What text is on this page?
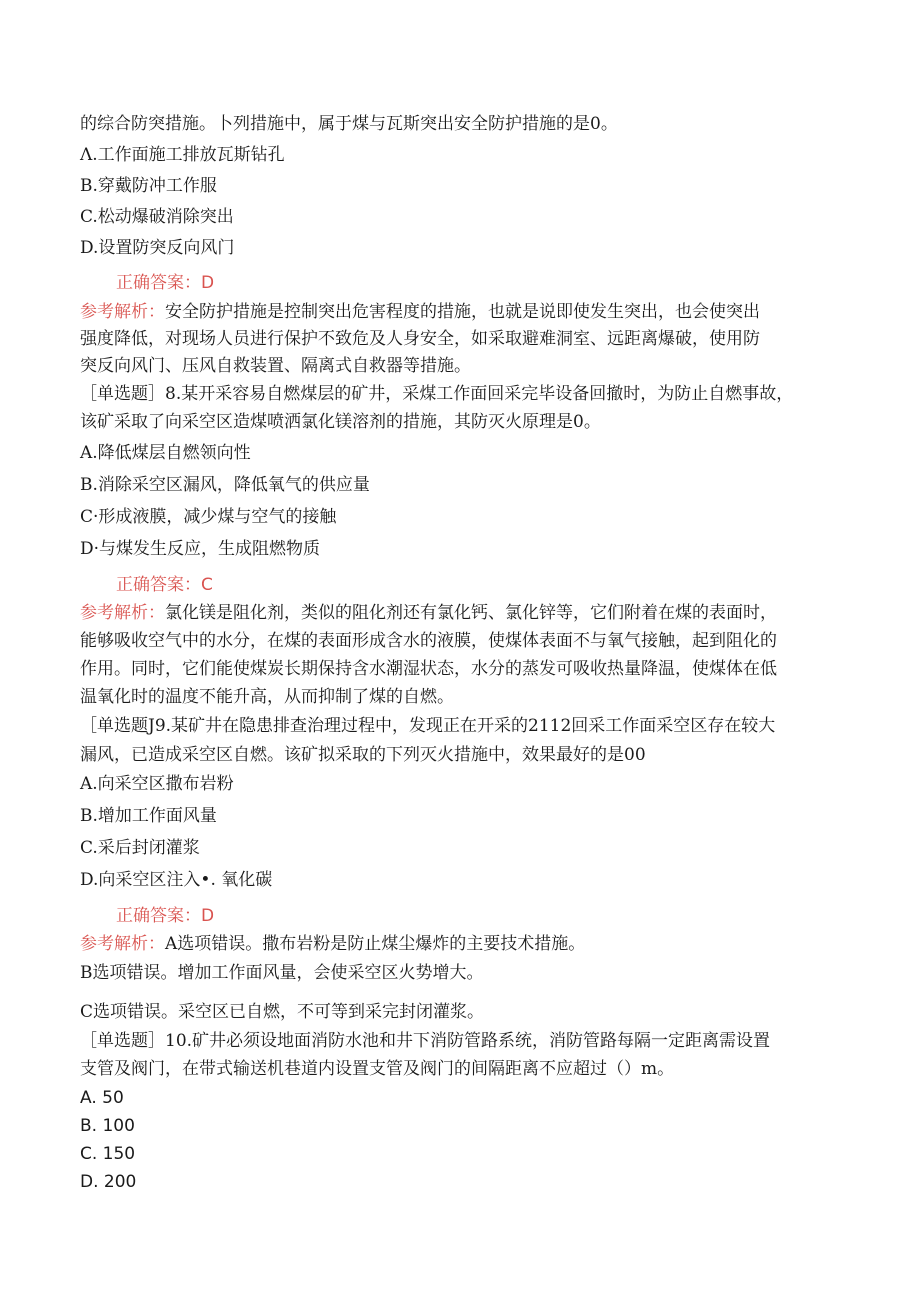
的综合防突措施。卜列措施中，属于煤与瓦斯突出安全防护措施的是0。
Λ.工作面施工排放瓦斯钻孔
B.穿戴防冲工作服
C.松动爆破消除突出
D.设置防突反向风门
正确答案：D
参考解析：安全防护措施是控制突出危害程度的措施，也就是说即使发生突出，也会使突出
强度降低，对现场人员进行保护不致危及人身安全，如采取避难洞室、远距离爆破，使用防
突反向风门、压风自救装置、隔离式自救器等措施。
［单选题］8.某开采容易自燃煤层的矿井，采煤工作面回采完毕设备回撤时，为防止自燃事故，
该矿采取了向采空区造煤喷洒氯化镁溶剂的措施，其防灭火原理是0。
A.降低煤层自燃领向性
B.消除采空区漏风，降低氧气的供应量
C·形成液膜，减少煤与空气的接触
D·与煤发生反应，生成阻燃物质
正确答案：C
参考解析：氯化镁是阻化剂，类似的阻化剂还有氯化钙、氯化锌等，它们附着在煤的表面时，
能够吸收空气中的水分，在煤的表面形成含水的液膜，使煤体表面不与氧气接触，起到阻化的
作用。同时，它们能使煤炭长期保持含水潮湿状态，水分的蒸发可吸收热量降温，使煤体在低
温氧化时的温度不能升高，从而抑制了煤的自燃。
［单选题J9.某矿井在隐患排查治理过程中，发现正在开采的2112回采工作面采空区存在较大
漏风，已造成采空区自燃。该矿拟采取的下列灭火措施中，效果最好的是00
A.向采空区撒布岩粉
B.增加工作面风量
C.采后封闭灌浆
D.向采空区注入•. 氧化碳
正确答案：D
参考解析：A选项错误。撒布岩粉是防止煤尘爆炸的主要技术措施。
B选项错误。增加工作面风量，会使采空区火势增大。
C选项错误。采空区已自燃，不可等到采完封闭灌浆。
［单选题］10.矿井必须设地面消防水池和井下消防管路系统，消防管路每隔一定距离需设置
支管及阀门，在带式输送机巷道内设置支管及阀门的间隔距离不应超过（）m。
A. 50
B. 100
C. 150
D. 200
